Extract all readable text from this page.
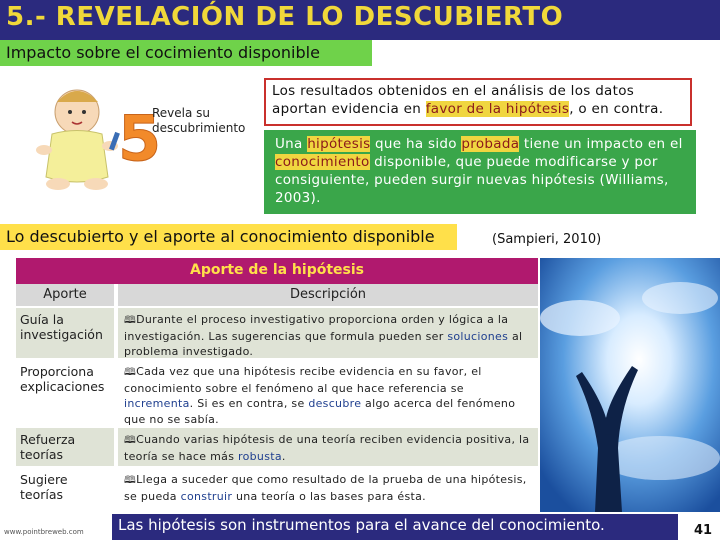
5.- REVELACIÓN DE LO DESCUBIERTO
Impacto sobre el cocimiento disponible
5
Revela su
descubrimiento
Los resultados obtenidos en el análisis de los datos aportan evidencia en favor de la hipótesis, o en contra.
Una hipótesis que ha sido probada tiene un impacto en el conocimiento disponible, que puede modificarse y por consiguiente, pueden surgir nuevas hipótesis (Williams, 2003).
Lo descubierto y el aporte al conocimiento disponible	(Sampieri, 2010)
Aporte de la hipótesis
Aporte	Descripción
Guía la investigación
🕮Durante el proceso investigativo proporciona orden y lógica a la investigación. Las sugerencias que formula pueden ser soluciones al problema investigado.
Proporciona explicaciones
🕮Cada vez que una hipótesis recibe evidencia en su favor, el conocimiento sobre el fenómeno al que hace referencia se incrementa. Si es en contra, se descubre algo acerca del fenómeno que no se sabía.
Refuerza teorías
🕮Cuando varias hipótesis de una teoría reciben evidencia positiva, la teoría se hace más robusta.
Sugiere teorías
🕮Llega a suceder que como resultado de la prueba de una hipótesis, se pueda construir una teoría o las bases para ésta.
www.pointbreweb.com Las hipótesis son instrumentos para el avance del conocimiento.	41
